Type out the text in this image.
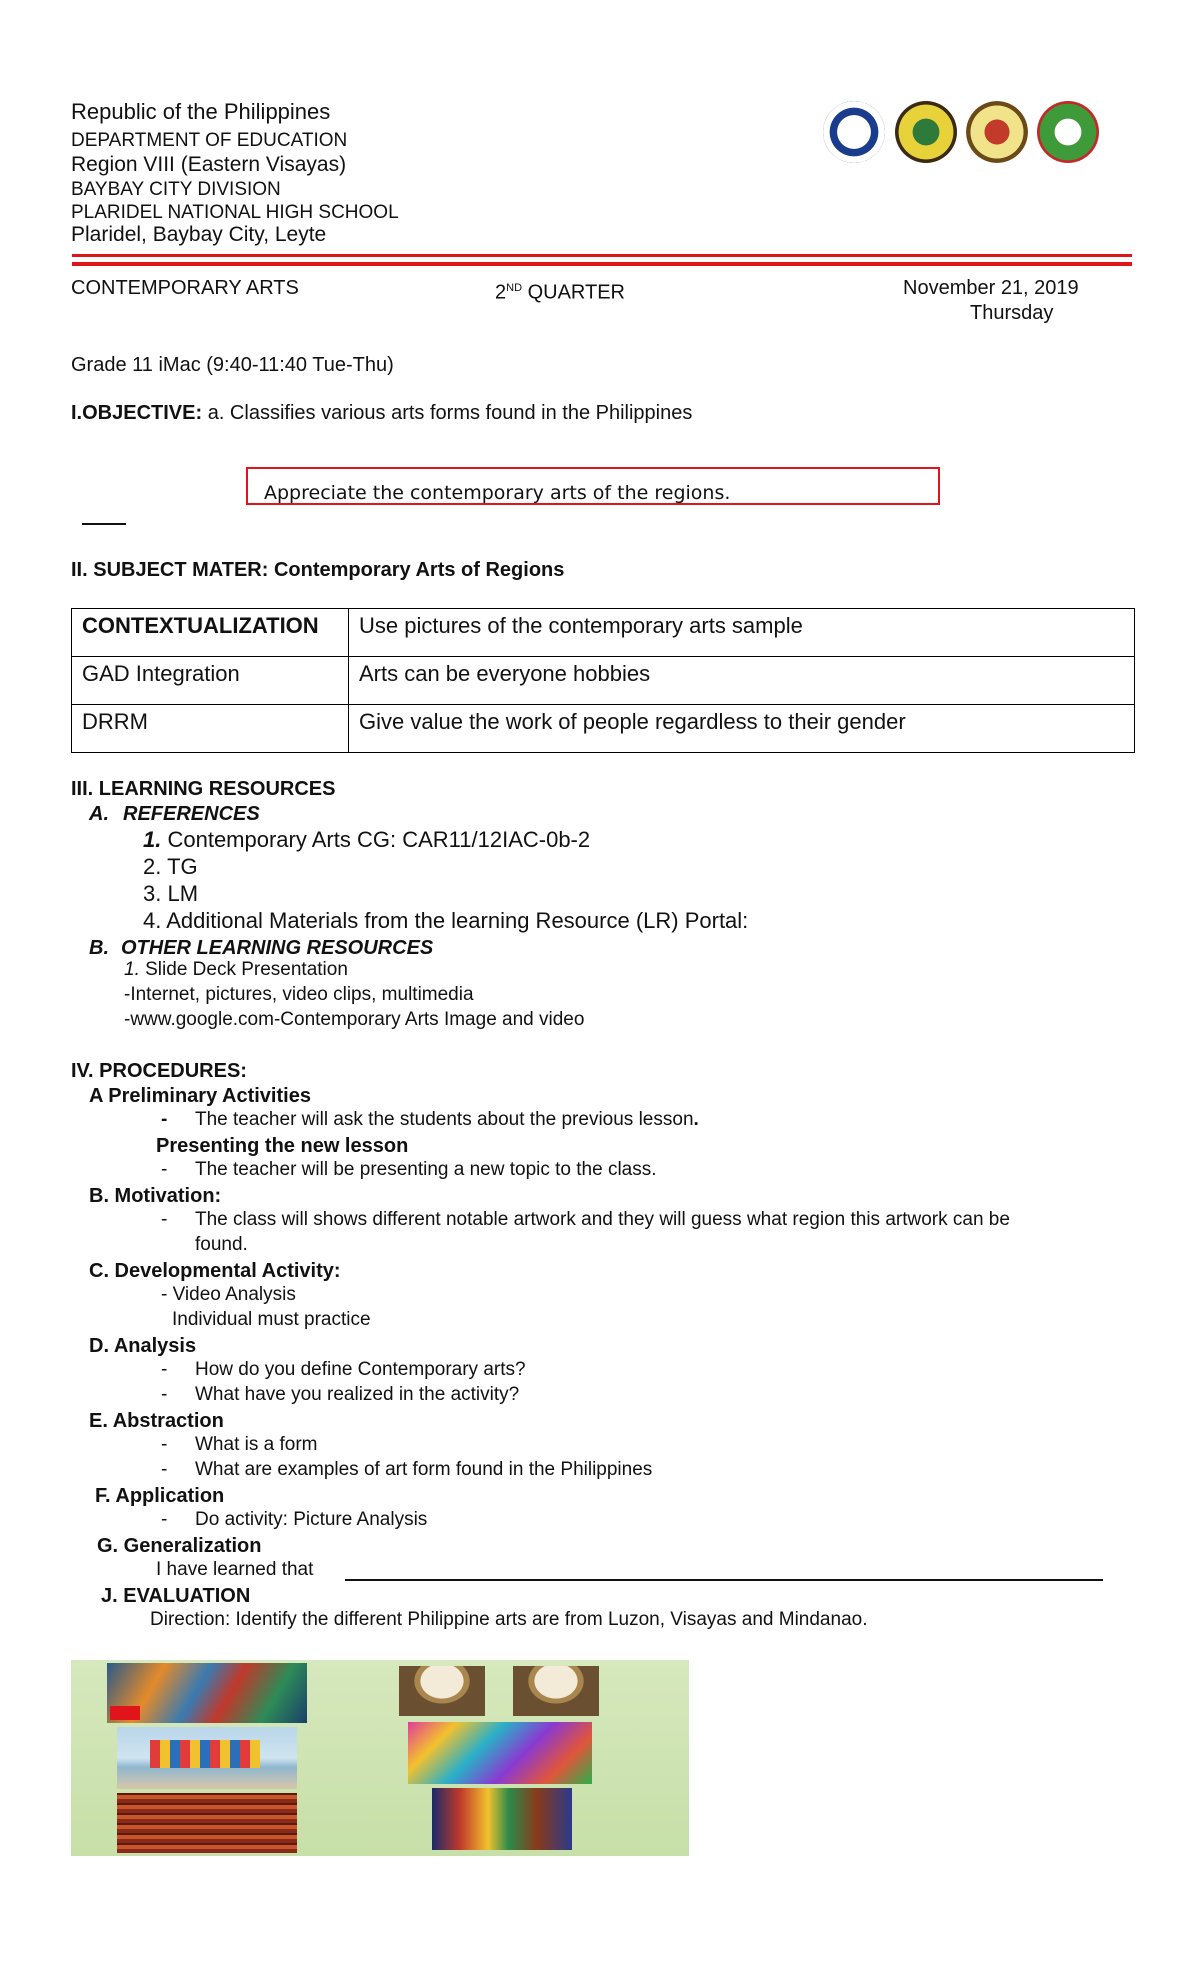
Republic of the Philippines
DEPARTMENT OF EDUCATION
Region VIII (Eastern Visayas)
BAYBAY CITY DIVISION
PLARIDEL NATIONAL HIGH SCHOOL
Plaridel, Baybay City, Leyte
CONTEMPORARY ARTS	2ND QUARTER	November 21, 2019
Thursday
Grade 11 iMac (9:40-11:40 Tue-Thu)
I.OBJECTIVE: a. Classifies various arts forms found in the Philippines
Appreciate the contemporary arts of the regions.
II. SUBJECT MATER: Contemporary Arts of Regions
CONTEXTUALIZATION	Use pictures of the contemporary arts sample
GAD Integration	Arts can be everyone hobbies
DRRM	Give value the work of people regardless to their gender
III. LEARNING RESOURCES
A. REFERENCES
1. Contemporary Arts CG: CAR11/12IAC-0b-2
2. TG
3. LM
4. Additional Materials from the learning Resource (LR) Portal:
B. OTHER LEARNING RESOURCES
1. Slide Deck Presentation
-Internet, pictures, video clips, multimedia
-www.google.com-Contemporary Arts Image and video
IV. PROCEDURES:
A Preliminary Activities
- The teacher will ask the students about the previous lesson.
Presenting the new lesson
- The teacher will be presenting a new topic to the class.
B. Motivation:
- The class will shows different notable artwork and they will guess what region this artwork can be
found.
C. Developmental Activity:
- Video Analysis
Individual must practice
D. Analysis
- How do you define Contemporary arts?
- What have you realized in the activity?
E. Abstraction
- What is a form
- What are examples of art form found in the Philippines
F. Application
- Do activity: Picture Analysis
G. Generalization
I have learned that
J. EVALUATION
Direction: Identify the different Philippine arts are from Luzon, Visayas and Mindanao.
